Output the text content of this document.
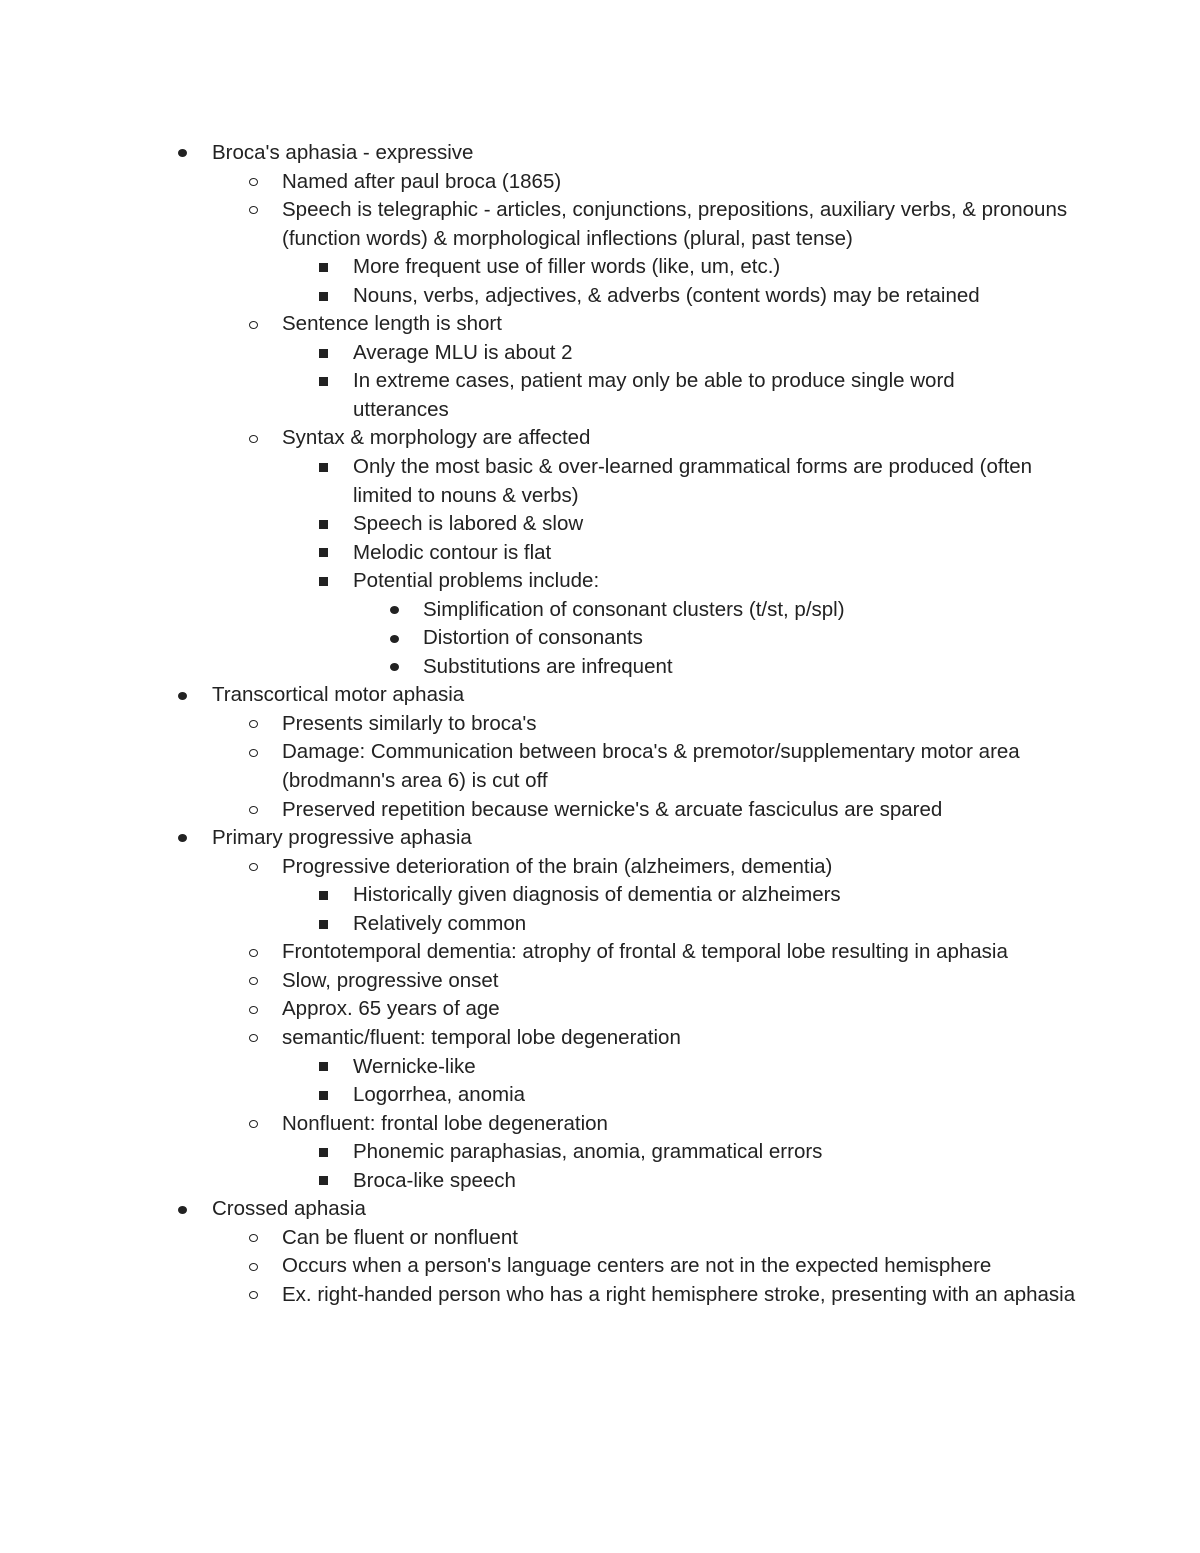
Broca's aphasia - expressive
Named after paul broca (1865)
Speech is telegraphic - articles, conjunctions, prepositions, auxiliary verbs, & pronouns (function words) & morphological inflections (plural, past tense)
More frequent use of filler words (like, um, etc.)
Nouns, verbs, adjectives, & adverbs (content words) may be retained
Sentence length is short
Average MLU is about 2
In extreme cases, patient may only be able to produce single word utterances
Syntax & morphology are affected
Only the most basic & over-learned grammatical forms are produced (often limited to nouns & verbs)
Speech is labored & slow
Melodic contour is flat
Potential problems include:
Simplification of consonant clusters (t/st, p/spl)
Distortion of consonants
Substitutions are infrequent
Transcortical motor aphasia
Presents similarly to broca's
Damage: Communication between broca's & premotor/supplementary motor area (brodmann's area 6) is cut off
Preserved repetition because wernicke's & arcuate fasciculus are spared
Primary progressive aphasia
Progressive deterioration of the brain (alzheimers, dementia)
Historically given diagnosis of dementia or alzheimers
Relatively common
Frontotemporal dementia: atrophy of frontal & temporal lobe resulting in aphasia
Slow, progressive onset
Approx. 65 years of age
semantic/fluent: temporal lobe degeneration
Wernicke-like
Logorrhea, anomia
Nonfluent: frontal lobe degeneration
Phonemic paraphasias, anomia, grammatical errors
Broca-like speech
Crossed aphasia
Can be fluent or nonfluent
Occurs when a person's language centers are not in the expected hemisphere
Ex. right-handed person who has a right hemisphere stroke, presenting with an aphasia
